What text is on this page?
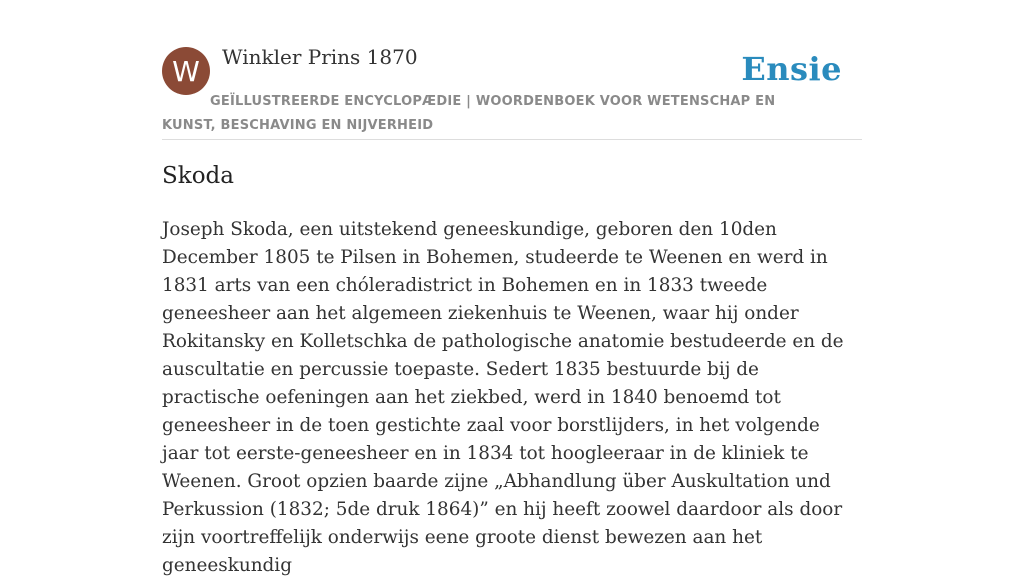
W Winkler Prins 1870	Ensie
GEÏLLUSTREERDE ENCYCLOPÆDIE | WOORDENBOEK VOOR WETENSCHAP EN KUNST, BESCHAVING EN NIJVERHEID
Skoda

Joseph Skoda, een uitstekend geneeskundige, geboren den 10den December 1805 te Pilsen in Bohemen, studeerde te Weenen en werd in 1831 arts van een chóleradistrict in Bohemen en in 1833 tweede geneesheer aan het algemeen ziekenhuis te Weenen, waar hij onder Rokitansky en Kolletschka de pathologische anatomie bestudeerde en de auscultatie en percussie toepaste. Sedert 1835 bestuurde bij de practische oefeningen aan het ziekbed, werd in 1840 benoemd tot geneesheer in de toen gestichte zaal voor borstlijders, in het volgende jaar tot eerste-geneesheer en in 1834 tot hoogleeraar in de kliniek te Weenen. Groot opzien baarde zijne „Abhandlung über Auskultation und Perkussion (1832; 5de druk 1864)” en hij heeft zoowel daardoor als door zijn voortreffelijk onderwijs eene groote dienst bewezen aan het geneeskundig
